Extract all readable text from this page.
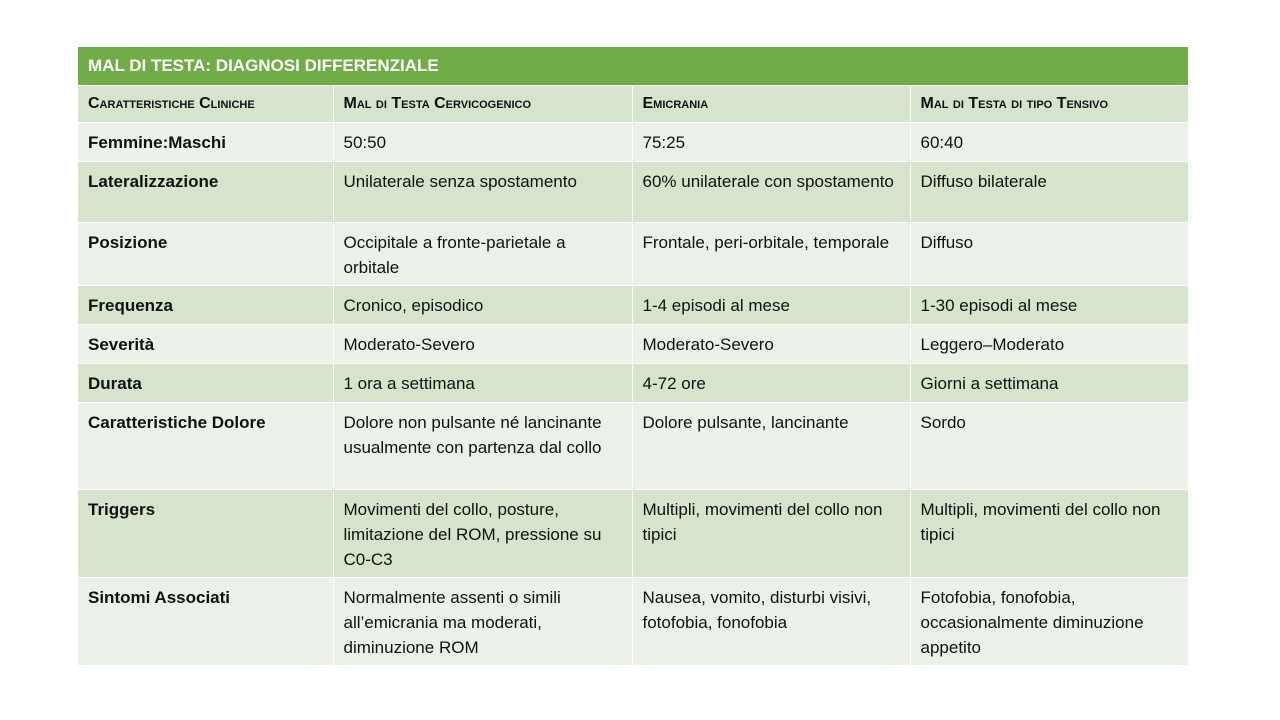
MAL DI TESTA: DIAGNOSI DIFFERENZIALE			
Caratteristiche Cliniche	Mal di Testa Cervicogenico	Emicrania	Mal di Testa di tipo Tensivo
Femmine:Maschi	50:50	75:25	60:40
Lateralizzazione	Unilaterale senza spostamento	60% unilaterale con spostamento	Diffuso bilaterale
Posizione	Occipitale a fronte-parietale a orbitale	Frontale, peri-orbitale, temporale	Diffuso
Frequenza	Cronico, episodico	1-4 episodi al mese	1-30 episodi al mese
Severità	Moderato-Severo	Moderato-Severo	Leggero–Moderato
Durata	1 ora a settimana	4-72 ore	Giorni a settimana
Caratteristiche Dolore	Dolore non pulsante né lancinante usualmente con partenza dal collo	Dolore pulsante, lancinante	Sordo
Triggers	Movimenti del collo, posture, limitazione del ROM, pressione su C0-C3	Multipli, movimenti del collo non tipici	Multipli, movimenti del collo non tipici
Sintomi Associati	Normalmente assenti o simili all’emicrania ma moderati, diminuzione ROM	Nausea, vomito, disturbi visivi, fotofobia, fonofobia	Fotofobia, fonofobia, occasionalmente diminuzione appetito
